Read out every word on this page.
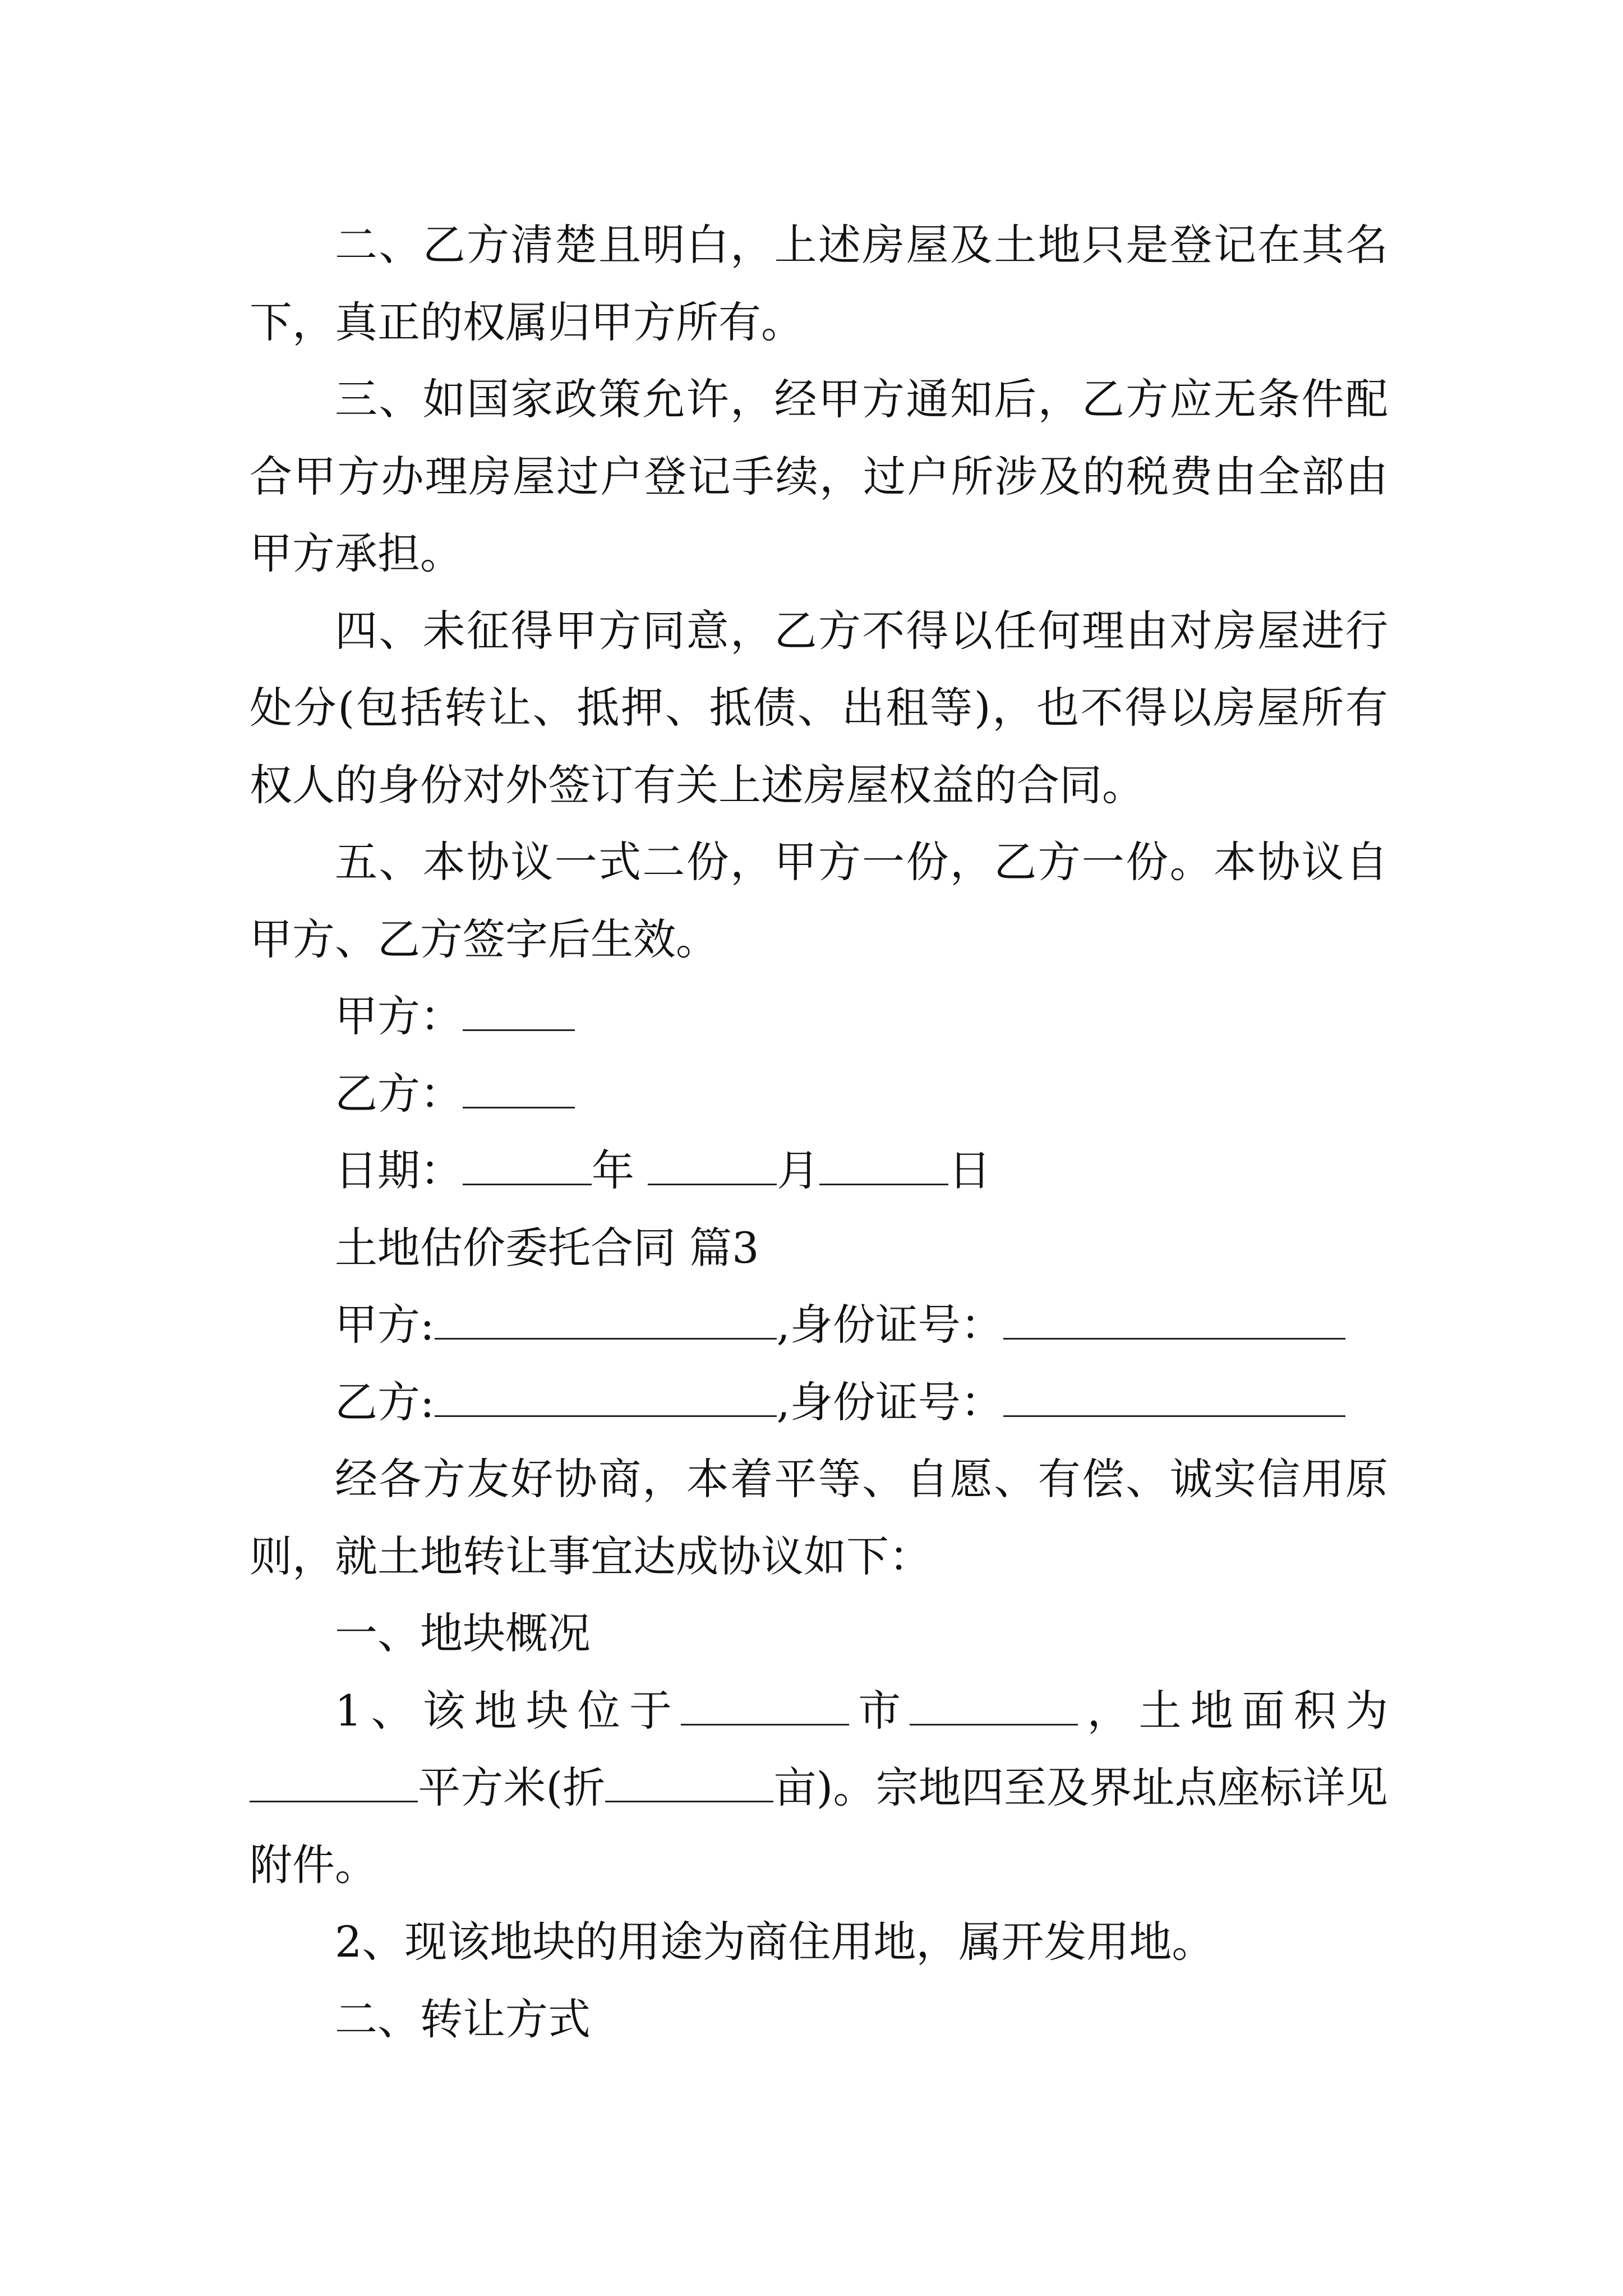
二、乙方清楚且明白，上述房屋及土地只是登记在其名下，真正的权属归甲方所有。

三、如国家政策允许，经甲方通知后，乙方应无条件配合甲方办理房屋过户登记手续，过户所涉及的税费由全部由甲方承担。

四、未征得甲方同意，乙方不得以任何理由对房屋进行处分(包括转让、抵押、抵债、出租等)，也不得以房屋所有权人的身份对外签订有关上述房屋权益的合同。

五、本协议一式二份，甲方一份，乙方一份。本协议自甲方、乙方签字后生效。

甲方：

乙方：

日期：	年	月	日

土地估价委托合同 篇3

甲方:	,身份证号：

乙方:	,身份证号：

经各方友好协商，本着平等、自愿、有偿、诚实信用原则，就土地转让事宜达成协议如下：

一、地块概况

1、该地块位于	市	，土地面积为平方米(折	亩)。宗地四至及界址点座标详见附件。

2、现该地块的用途为商住用地，属开发用地。

二、转让方式
